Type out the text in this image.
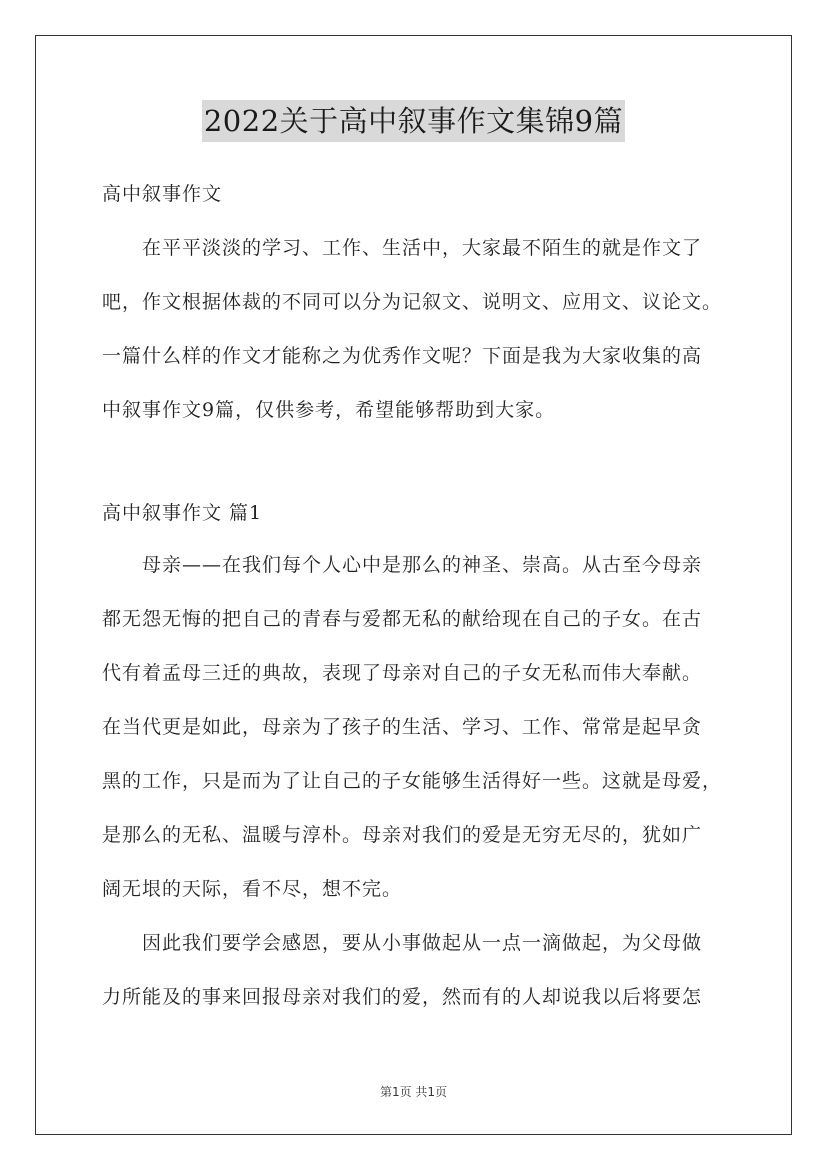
2022关于高中叙事作文集锦9篇
高中叙事作文
在平平淡淡的学习、工作、生活中，大家最不陌生的就是作文了
吧，作文根据体裁的不同可以分为记叙文、说明文、应用文、议论文。
一篇什么样的作文才能称之为优秀作文呢？下面是我为大家收集的高
中叙事作文9篇，仅供参考，希望能够帮助到大家。
高中叙事作文 篇1
母亲——在我们每个人心中是那么的神圣、崇高。从古至今母亲
都无怨无悔的把自己的青春与爱都无私的献给现在自己的子女。在古
代有着孟母三迁的典故，表现了母亲对自己的子女无私而伟大奉献。
在当代更是如此，母亲为了孩子的生活、学习、工作、常常是起早贪
黑的工作，只是而为了让自己的子女能够生活得好一些。这就是母爱，
是那么的无私、温暖与淳朴。母亲对我们的爱是无穷无尽的，犹如广
阔无垠的天际，看不尽，想不完。
因此我们要学会感恩，要从小事做起从一点一滴做起，为父母做
力所能及的事来回报母亲对我们的爱，然而有的人却说我以后将要怎
第1页 共1页
